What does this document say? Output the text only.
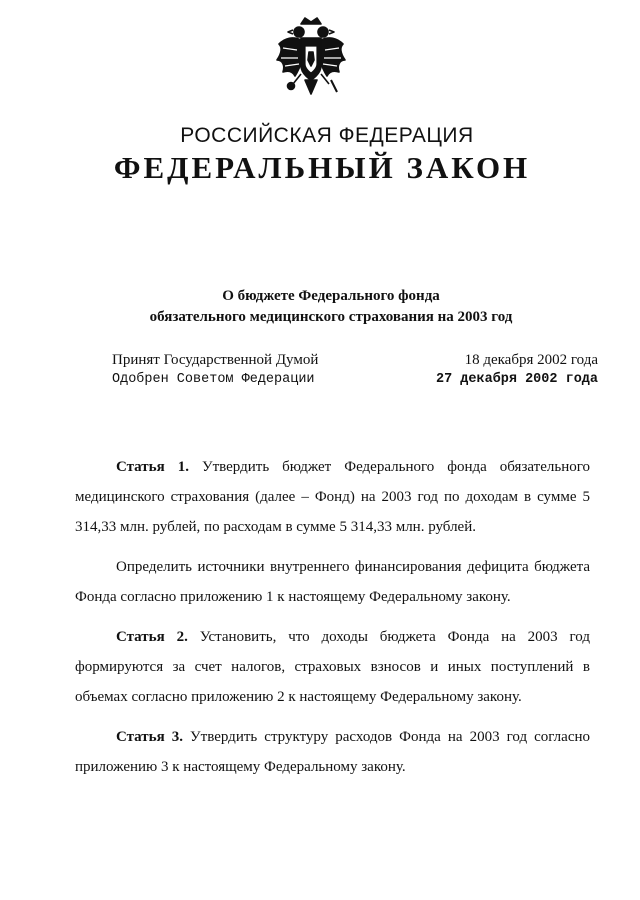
РОССИЙСКАЯ ФЕДЕРАЦИЯ
ФЕДЕРАЛЬНЫЙ ЗАКОН
О бюджете Федерального фонда
обязательного медицинского страхования на 2003 год
Принят Государственной Думой	18 декабря 2002 года
Одобрен Советом Федерации	27 декабря 2002 года

Статья 1. Утвердить бюджет Федерального фонда обязательного медицинского страхования (далее – Фонд) на 2003 год по доходам в сумме 5 314,33 млн. рублей, по расходам в сумме 5 314,33 млн. рублей.

Определить источники внутреннего финансирования дефицита бюджета Фонда согласно приложению 1 к настоящему Федеральному закону.

Статья 2. Установить, что доходы бюджета Фонда на 2003 год формируются за счет налогов, страховых взносов и иных поступлений в объемах согласно приложению 2 к настоящему Федеральному закону.

Статья 3. Утвердить структуру расходов Фонда на 2003 год согласно приложению 3 к настоящему Федеральному закону.
